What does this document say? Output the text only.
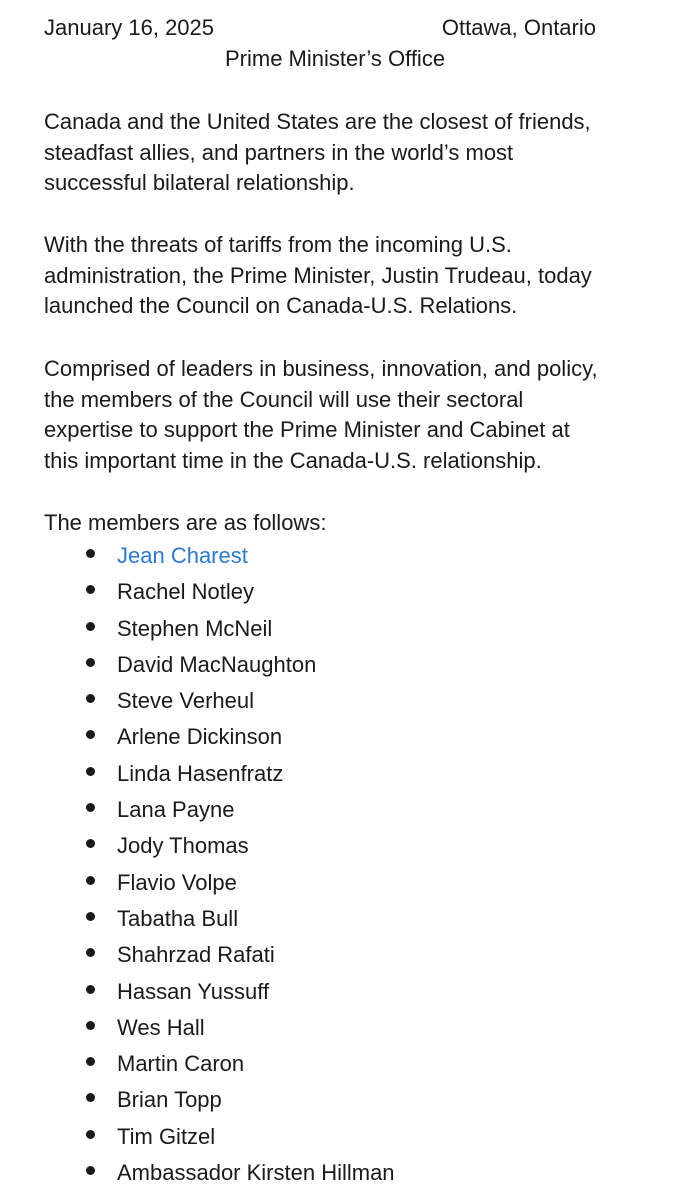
January 16, 2025	Ottawa, Ontario
Prime Minister’s Office

Canada and the United States are the closest of friends,
steadfast allies, and partners in the world’s most
successful bilateral relationship.

With the threats of tariffs from the incoming U.S.
administration, the Prime Minister, Justin Trudeau, today
launched the Council on Canada-U.S. Relations.

Comprised of leaders in business, innovation, and policy,
the members of the Council will use their sectoral
expertise to support the Prime Minister and Cabinet at
this important time in the Canada-U.S. relationship.

The members are as follows:
Jean Charest
Rachel Notley
Stephen McNeil
David MacNaughton
Steve Verheul
Arlene Dickinson
Linda Hasenfratz
Lana Payne
Jody Thomas
Flavio Volpe
Tabatha Bull
Shahrzad Rafati
Hassan Yussuff
Wes Hall
Martin Caron
Brian Topp
Tim Gitzel
Ambassador Kirsten Hillman
